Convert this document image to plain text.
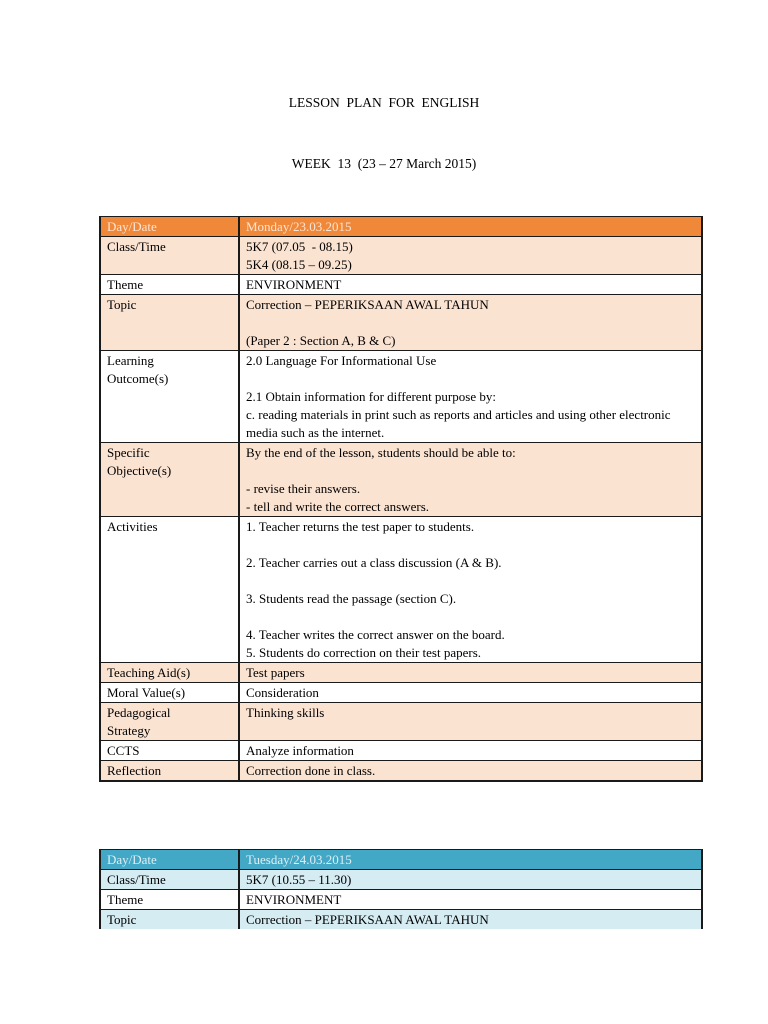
LESSON  PLAN  FOR  ENGLISH
WEEK  13  (23 – 27 March 2015)
Day/Date	Monday/23.03.2015

Class/Time	5K7 (07.05  - 08.15)
5K4 (08.15 – 09.25)

Theme	ENVIRONMENT

Topic	Correction – PEPERIKSAAN AWAL TAHUN
(Paper 2 : Section A, B & C)

Learning
Outcome(s)	2.0 Language For Informational Use
2.1 Obtain information for different purpose by:
c. reading materials in print such as reports and articles and using other electronic media such as the internet.

Specific
Objective(s)	By the end of the lesson, students should be able to:
- revise their answers.
- tell and write the correct answers.

Activities	1. Teacher returns the test paper to students.
2. Teacher carries out a class discussion (A & B).
3. Students read the passage (section C).
4. Teacher writes the correct answer on the board.
5. Students do correction on their test papers.

Teaching Aid(s)	Test papers

Moral Value(s)	Consideration

Pedagogical
Strategy	Thinking skills

CCTS	Analyze information

Reflection	Correction done in class.
Day/Date	Tuesday/24.03.2015

Class/Time	5K7 (10.55 – 11.30)

Theme	ENVIRONMENT

Topic	Correction – PEPERIKSAAN AWAL TAHUN
